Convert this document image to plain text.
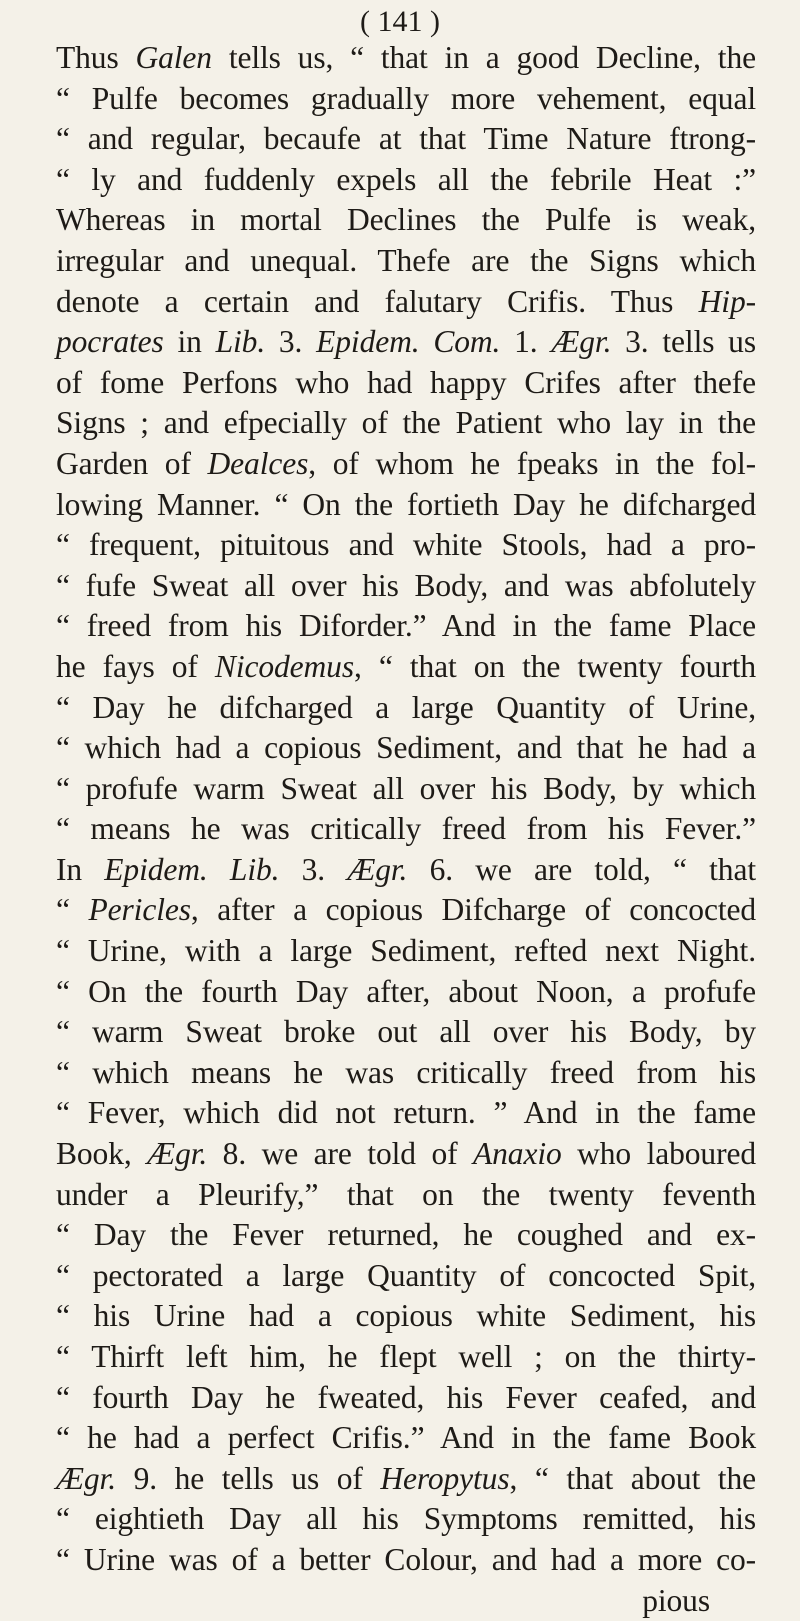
( 141 )
Thus Galen tells us, “ that in a good Decline, the
“ Pulfe becomes gradually more vehement, equal
“ and regular, becaufe at that Time Nature ftrong-
“ ly and fuddenly expels all the febrile Heat :”
Whereas in mortal Declines the Pulfe is weak,
irregular and unequal. Thefe are the Signs which
denote a certain and falutary Crifis. Thus Hip-
pocrates in Lib. 3. Epidem. Com. 1. Ægr. 3. tells us
of fome Perfons who had happy Crifes after thefe
Signs ; and efpecially of the Patient who lay in the
Garden of Dealces, of whom he fpeaks in the fol-
lowing Manner. “ On the fortieth Day he difcharged
“ frequent, pituitous and white Stools, had a pro-
“ fufe Sweat all over his Body, and was abfolutely
“ freed from his Diforder.” And in the fame Place
he fays of Nicodemus, “ that on the twenty fourth
“ Day he difcharged a large Quantity of Urine,
“ which had a copious Sediment, and that he had a
“ profufe warm Sweat all over his Body, by which
“ means he was critically freed from his Fever.”
In Epidem. Lib. 3. Ægr. 6. we are told, “ that
“ Pericles, after a copious Difcharge of concocted
“ Urine, with a large Sediment, refted next Night.
“ On the fourth Day after, about Noon, a profufe
“ warm Sweat broke out all over his Body, by
“ which means he was critically freed from his
“ Fever, which did not return. ” And in the fame
Book, Ægr. 8. we are told of Anaxio who laboured
under a Pleurify,” that on the twenty feventh
“ Day the Fever returned, he coughed and ex-
“ pectorated a large Quantity of concocted Spit,
“ his Urine had a copious white Sediment, his
“ Thirft left him, he flept well ; on the thirty-
“ fourth Day he fweated, his Fever ceafed, and
“ he had a perfect Crifis.” And in the fame Book
Ægr. 9. he tells us of Heropytus, “ that about the
“ eightieth Day all his Symptoms remitted, his
“ Urine was of a better Colour, and had a more co-
pious
